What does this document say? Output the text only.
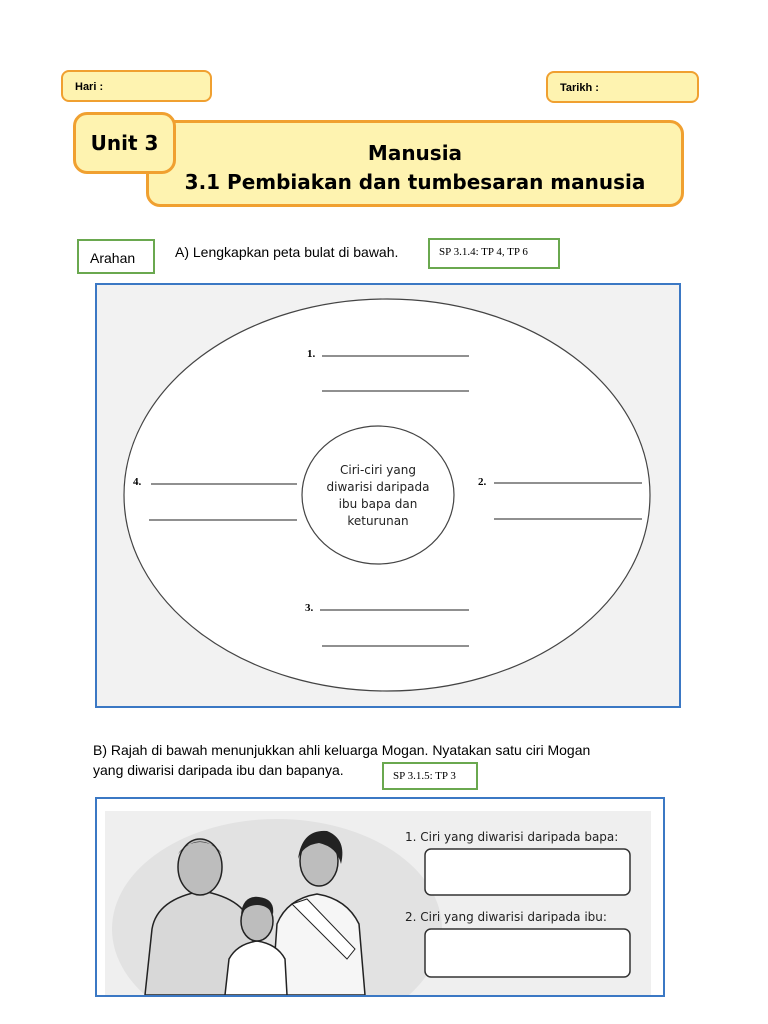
Hari :	Tarikh :
Manusia
3.1 Pembiakan dan tumbesaran manusia
Unit 3
Arahan	A) Lengkapkan peta bulat di bawah.	SP 3.1.4: TP 4, TP 6
Ciri-ciri yang
diwarisi daripada
ibu bapa dan
keturunan
1.
2.
3.
4.
B) Rajah di bawah menunjukkan ahli keluarga Mogan. Nyatakan satu ciri Mogan
yang diwarisi daripada ibu dan bapanya.	SP 3.1.5: TP 3
1. Ciri yang diwarisi daripada bapa:
2. Ciri yang diwarisi daripada ibu:
